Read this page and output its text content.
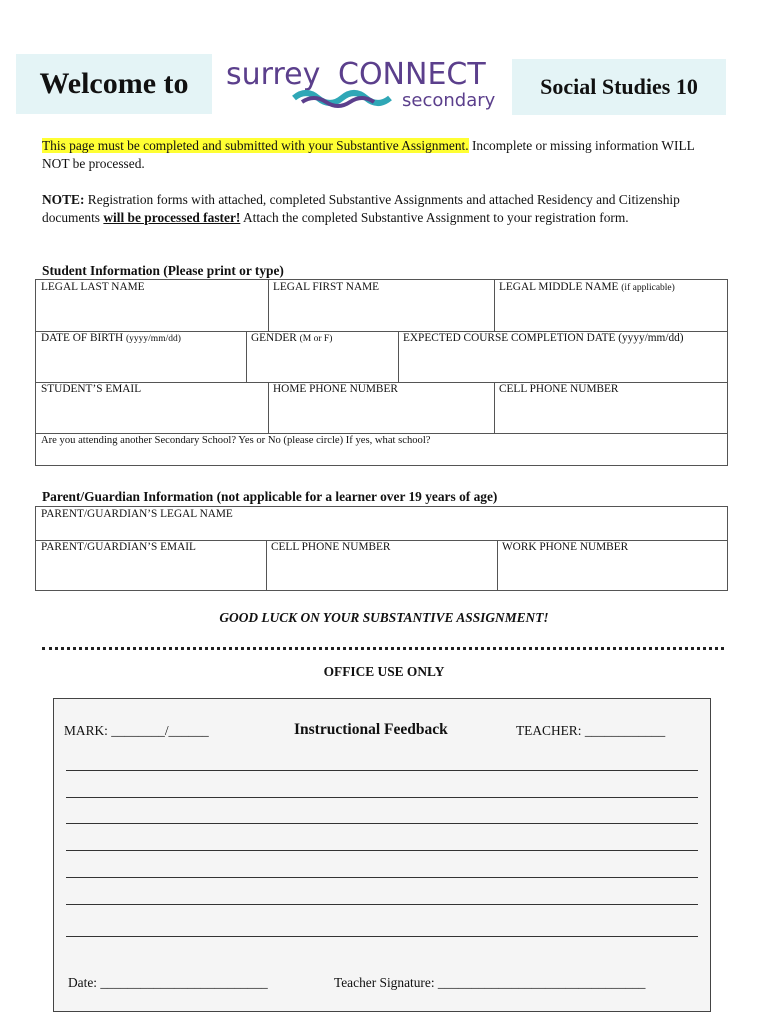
Welcome to surrey CONNECT
secondary
Social Studies 10
This page must be completed and submitted with your Substantive Assignment. Incomplete or missing information WILL NOT be processed.
NOTE: Registration forms with attached, completed Substantive Assignments and attached Residency and Citizenship documents will be processed faster! Attach the completed Substantive Assignment to your registration form.
Student Information (Please print or type)
LEGAL LAST NAME	LEGAL FIRST NAME	LEGAL MIDDLE NAME (if applicable)
DATE OF BIRTH (yyyy/mm/dd)	GENDER (M or F)	EXPECTED COURSE COMPLETION DATE (yyyy/mm/dd)
STUDENT’S EMAIL	HOME PHONE NUMBER	CELL PHONE NUMBER
Are you attending another Secondary School? Yes or No (please circle) If yes, what school?
Parent/Guardian Information (not applicable for a learner over 19 years of age)
PARENT/GUARDIAN’S LEGAL NAME
PARENT/GUARDIAN’S EMAIL	CELL PHONE NUMBER	WORK PHONE NUMBER
GOOD LUCK ON YOUR SUBSTANTIVE ASSIGNMENT!
OFFICE USE ONLY
MARK: ________/______	Instructional Feedback	TEACHER: ____________
Date: _________________________	Teacher Signature: _______________________________
